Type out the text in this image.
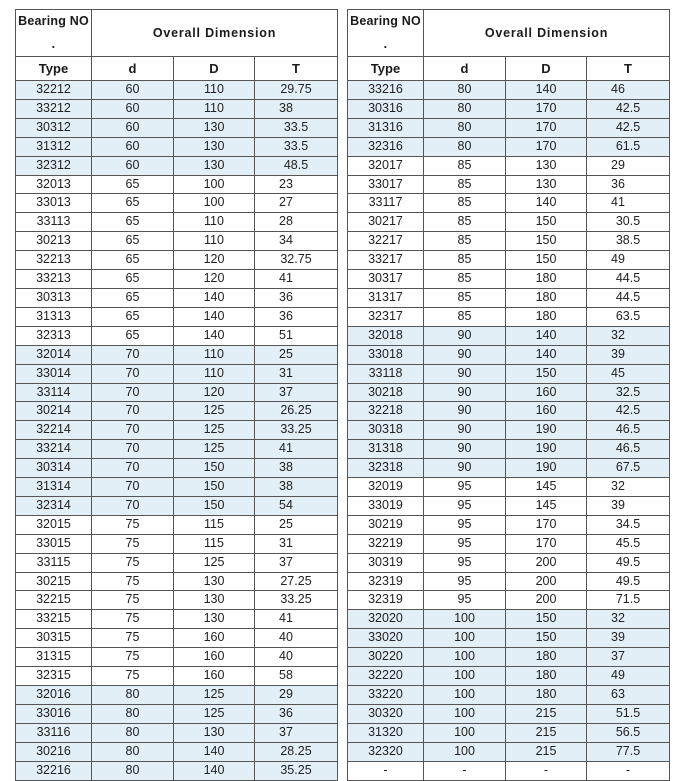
Bearing NO .	Overall Dimension		
Type	d	D	T
32212	60	110	29.75
33212	60	110	38
30312	60	130	33.5
31312	60	130	33.5
32312	60	130	48.5
32013	65	100	23
33013	65	100	27
33113	65	110	28
30213	65	110	34
32213	65	120	32.75
33213	65	120	41
30313	65	140	36
31313	65	140	36
32313	65	140	51
32014	70	110	25
33014	70	110	31
33114	70	120	37
30214	70	125	26.25
32214	70	125	33.25
33214	70	125	41
30314	70	150	38
31314	70	150	38
32314	70	150	54
32015	75	115	25
33015	75	115	31
33115	75	125	37
30215	75	130	27.25
32215	75	130	33.25
33215	75	130	41
30315	75	160	40
31315	75	160	40
32315	75	160	58
32016	80	125	29
33016	80	125	36
33116	80	130	37
30216	80	140	28.25
32216	80	140	35.25
Bearing NO .	Overall Dimension		
Type	d	D	T
33216	80	140	46
30316	80	170	42.5
31316	80	170	42.5
32316	80	170	61.5
32017	85	130	29
33017	85	130	36
33117	85	140	41
30217	85	150	30.5
32217	85	150	38.5
33217	85	150	49
30317	85	180	44.5
31317	85	180	44.5
32317	85	180	63.5
32018	90	140	32
33018	90	140	39
33118	90	150	45
30218	90	160	32.5
32218	90	160	42.5
30318	90	190	46.5
31318	90	190	46.5
32318	90	190	67.5
32019	95	145	32
33019	95	145	39
30219	95	170	34.5
32219	95	170	45.5
30319	95	200	49.5
32319	95	200	49.5
32319	95	200	71.5
32020	100	150	32
33020	100	150	39
30220	100	180	37
32220	100	180	49
33220	100	180	63
30320	100	215	51.5
31320	100	215	56.5
32320	100	215	77.5
-	-	-	-
